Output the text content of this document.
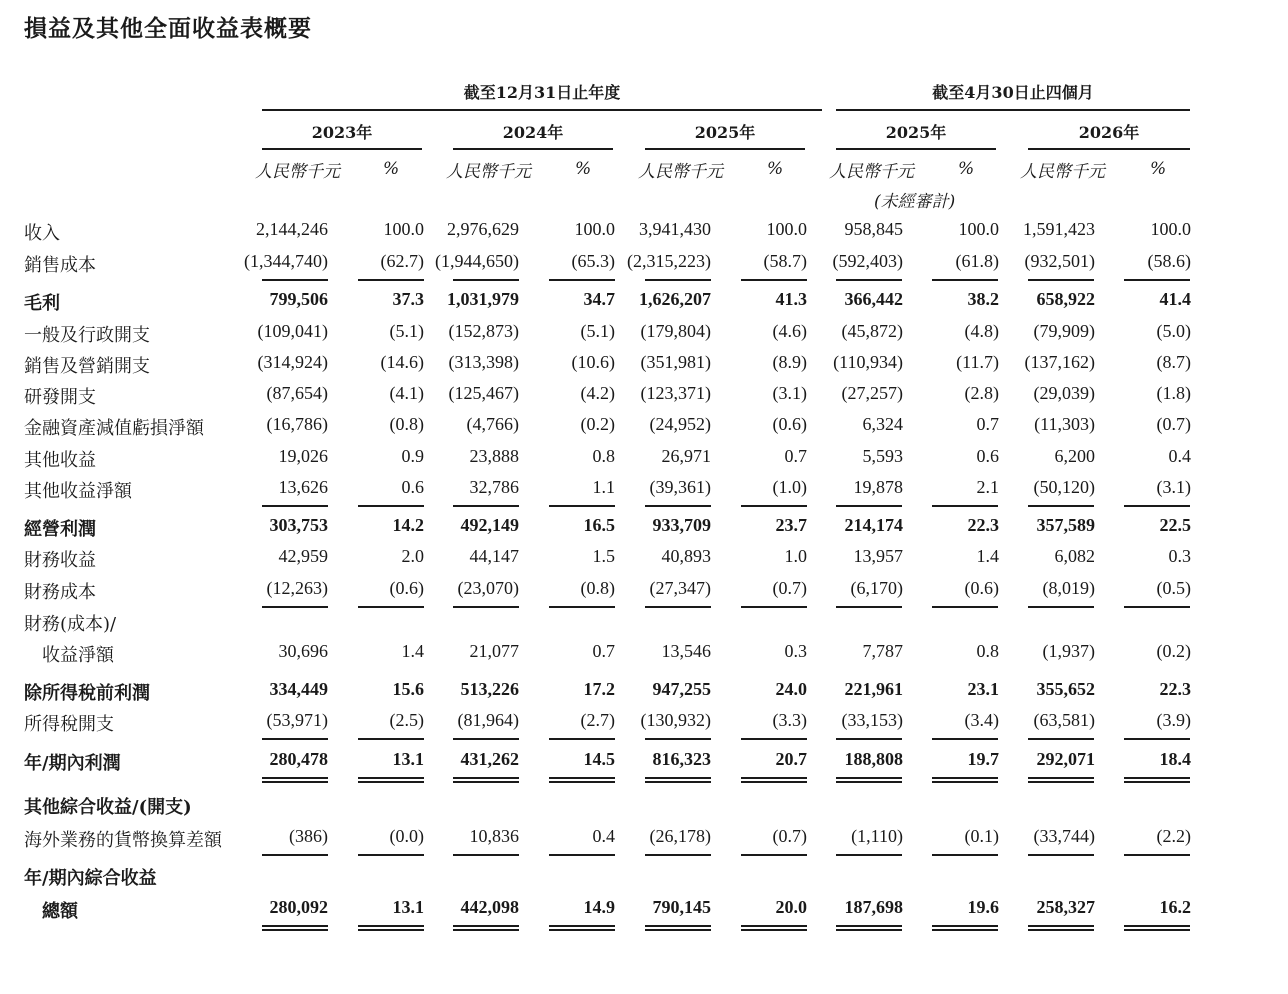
損益及其他全面收益表概要
截至12月31日止年度	截至4月30日止四個月
2023年	2024年	2025年	2025年	2026年
人民幣千元	%	人民幣千元	%	人民幣千元	%	人民幣千元	%
(未經審計)
人民幣千元	%
收入 .....	2,144,246	100.0 2,976,629	100.0 3,941,430	100.0 958,845	100.0 1,591,423	100.0
銷售成本 .....	(1,344,740)	(62.7) (1,944,650)	(65.3) (2,315,223)	(58.7) (592,403)	(61.8) (932,501)	(58.6)
毛利 .....	799,506	37.3 1,031,979	34.7 1,626,207	41.3 366,442	38.2 658,922	41.4
一般及行政開支 .....	(109,041)	(5.1) (152,873)	(5.1) (179,804)	(4.6) (45,872)	(4.8) (79,909)	(5.0)
銷售及營銷開支 .....	(314,924)	(14.6) (313,398)	(10.6) (351,981)	(8.9) (110,934)	(11.7) (137,162)	(8.7)
研發開支 .....	(87,654)	(4.1) (125,467)	(4.2) (123,371)	(3.1) (27,257)	(2.8) (29,039)	(1.8)
金融資產減值虧損淨額 .....	(16,786)	(0.8) (4,766)	(0.2) (24,952)	(0.6)	6,324	0.7 (11,303)	(0.7)
其他收益 .....	19,026	0.9	23,888	0.8	26,971	0.7	5,593	0.6	6,200	0.4
其他收益淨額 .....	13,626	0.6	32,786	1.1 (39,361)	(1.0)	19,878	2.1 (50,120)	(3.1)
經營利潤 .....	303,753	14.2 492,149	16.5 933,709	23.7 214,174	22.3 357,589	22.5
財務收益 .....	42,959	2.0	44,147	1.5	40,893	1.0	13,957	1.4	6,082	0.3
財務成本 .....	(12,263)	(0.6) (23,070)	(0.8) (27,347)	(0.7) (6,170)	(0.6) (8,019)	(0.5)
財務(成本)/
收益淨額 .....	30,696	1.4	21,077	0.7	13,546	0.3	7,787	0.8 (1,937)	(0.2)
除所得稅前利潤 .....	334,449	15.6 513,226	17.2 947,255	24.0 221,961	23.1 355,652	22.3
所得稅開支 .....	(53,971)	(2.5) (81,964)	(2.7) (130,932)	(3.3) (33,153)	(3.4) (63,581)	(3.9)
年/期內利潤 .....	280,478	13.1 431,262	14.5 816,323	20.7 188,808	19.7 292,071	18.4
其他綜合收益/(開支)
海外業務的貨幣換算差額 .....	(386)	(0.0)	10,836	0.4 (26,178)	(0.7) (1,110)	(0.1) (33,744)	(2.2)
年/期內綜合收益
總額 .....	280,092	13.1 442,098	14.9 790,145	20.0 187,698	19.6 258,327	16.2
